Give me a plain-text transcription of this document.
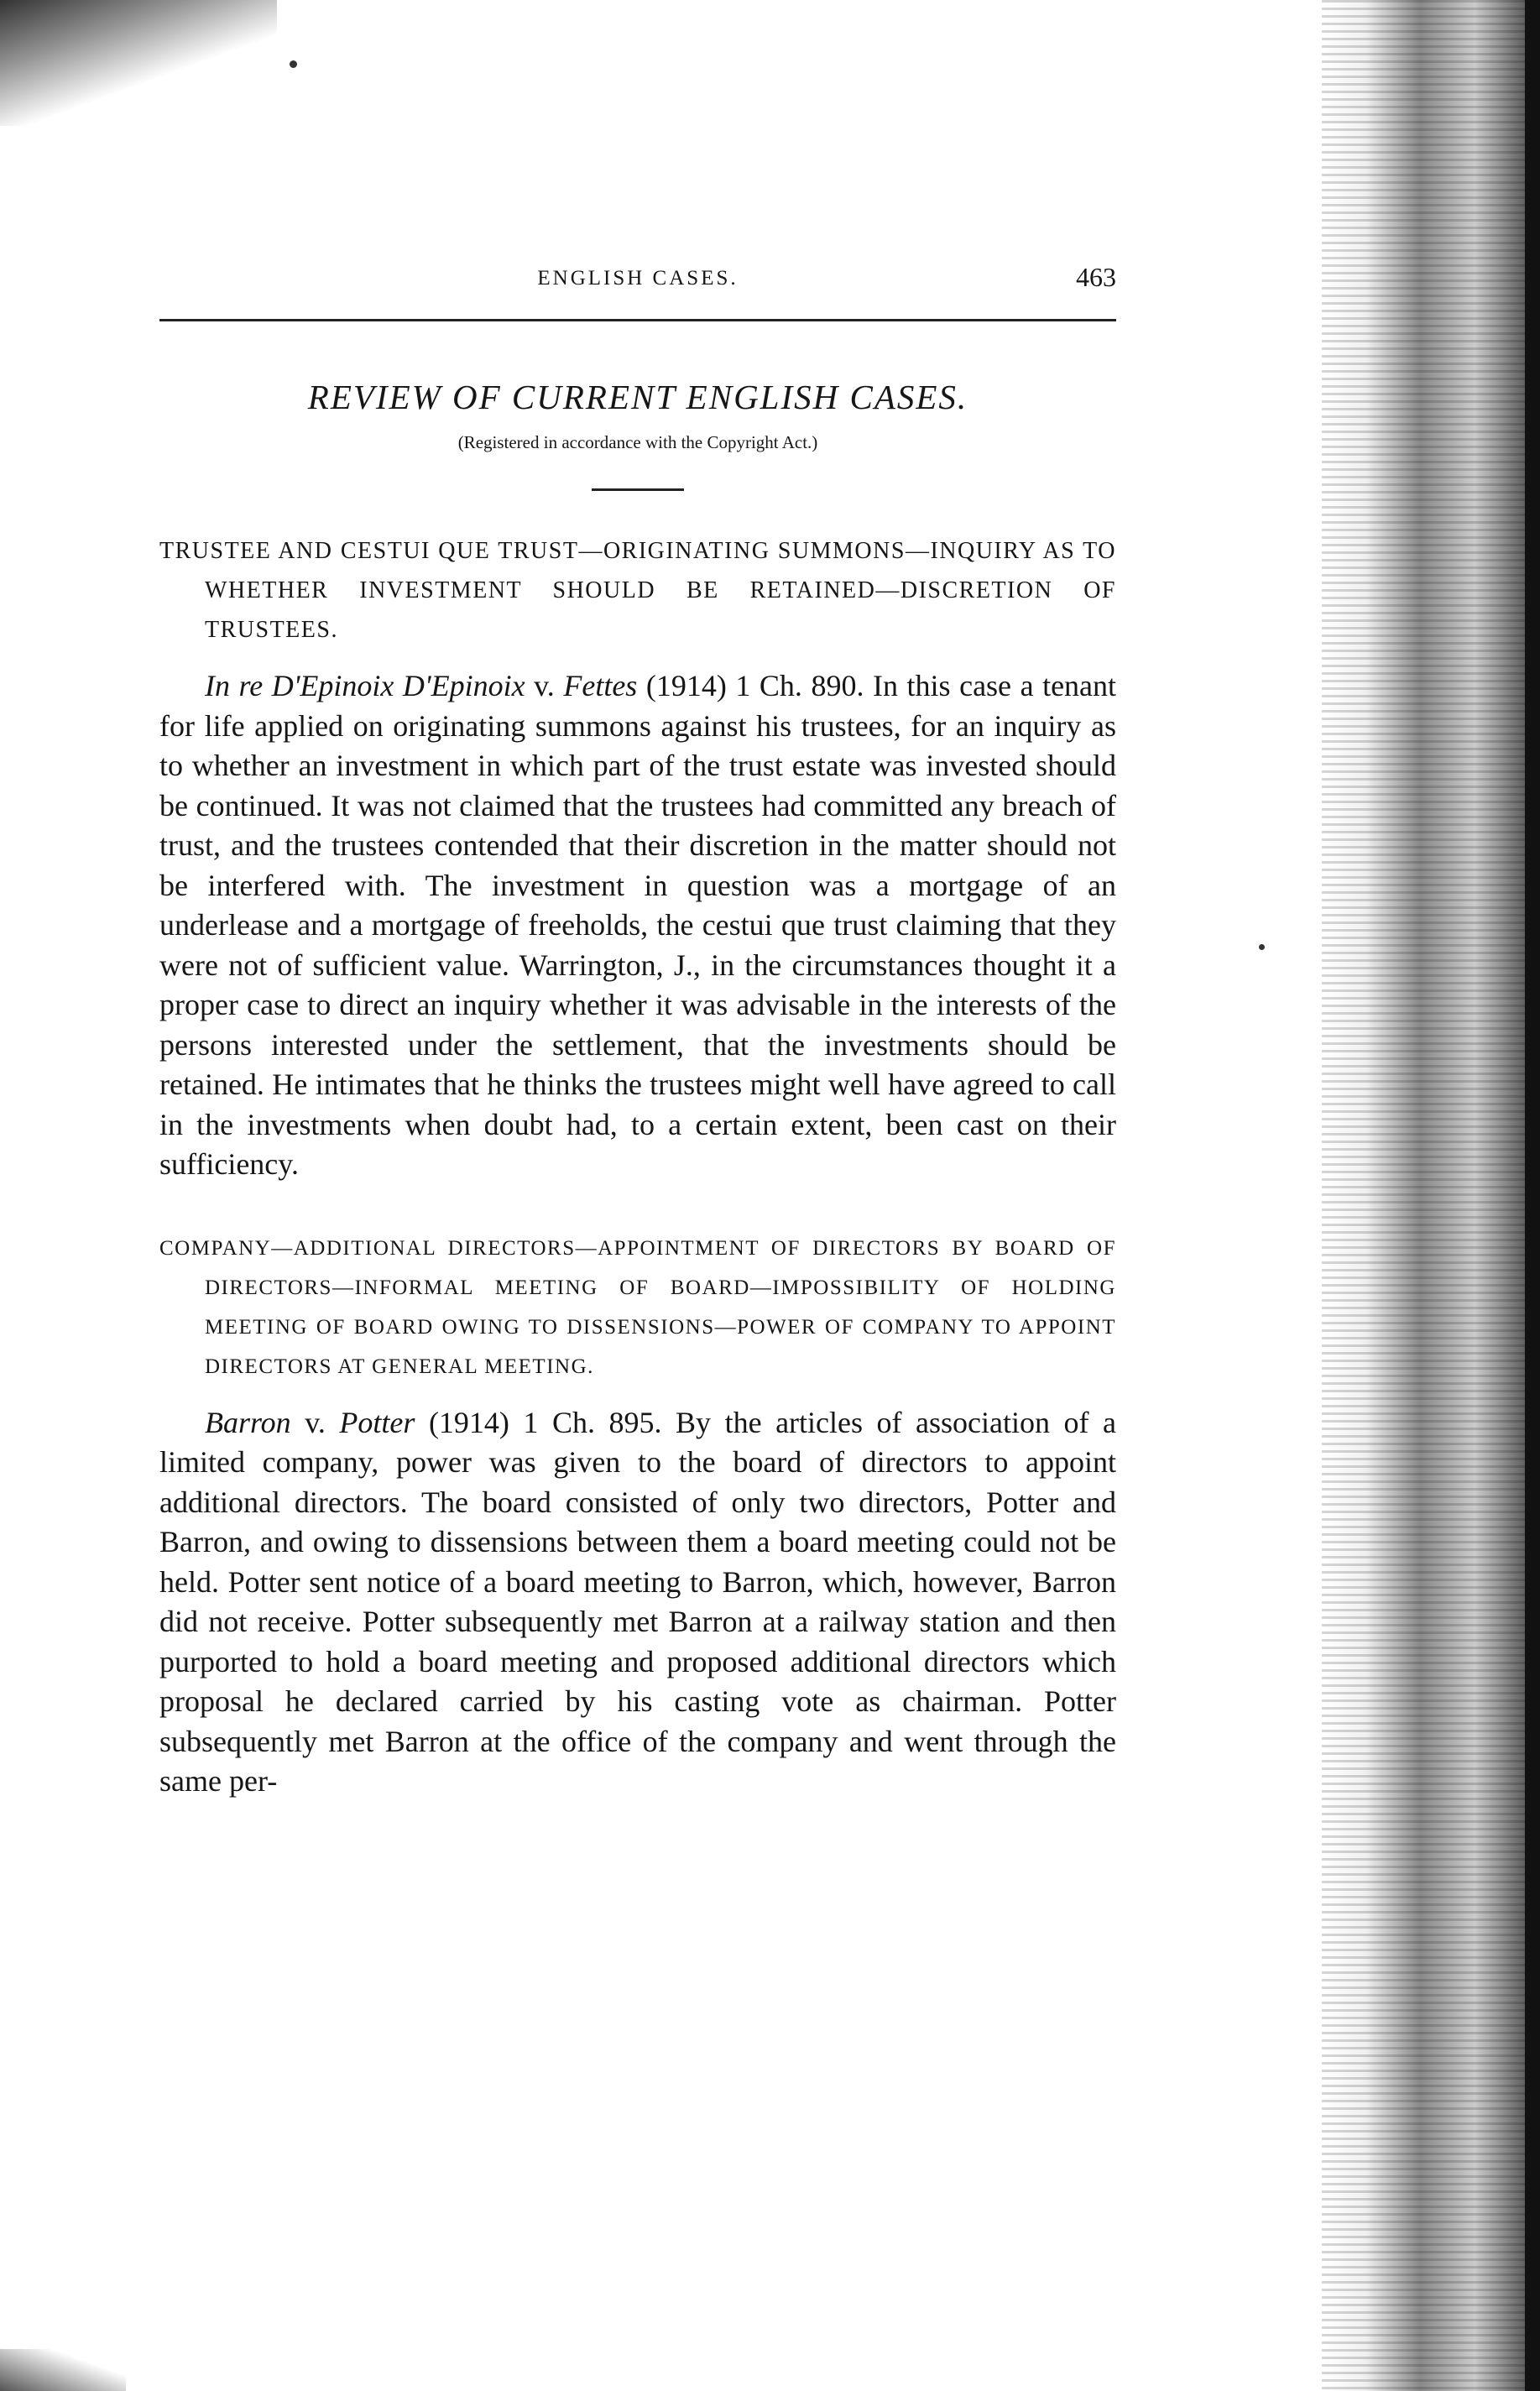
ENGLISH CASES.	463
REVIEW OF CURRENT ENGLISH CASES.
(Registered in accordance with the Copyright Act.)
TRUSTEE AND CESTUI QUE TRUST—ORIGINATING SUMMONS—INQUIRY AS TO WHETHER INVESTMENT SHOULD BE RETAINED—DISCRETION OF TRUSTEES.

In re D'Epinoix D'Epinoix v. Fettes (1914) 1 Ch. 890. In this case a tenant for life applied on originating summons against his trustees, for an inquiry as to whether an investment in which part of the trust estate was invested should be continued. It was not claimed that the trustees had committed any breach of trust, and the trustees contended that their discretion in the matter should not be interfered with. The investment in question was a mortgage of an underlease and a mortgage of freeholds, the cestui que trust claiming that they were not of sufficient value. Warrington, J., in the circumstances thought it a proper case to direct an inquiry whether it was advisable in the interests of the persons interested under the settlement, that the investments should be retained. He intimates that he thinks the trustees might well have agreed to call in the investments when doubt had, to a certain extent, been cast on their sufficiency.

COMPANY—ADDITIONAL DIRECTORS—APPOINTMENT OF DIRECTORS BY BOARD OF DIRECTORS—INFORMAL MEETING OF BOARD—IMPOSSIBILITY OF HOLDING MEETING OF BOARD OWING TO DISSENSIONS—POWER OF COMPANY TO APPOINT DIRECTORS AT GENERAL MEETING.

Barron v. Potter (1914) 1 Ch. 895. By the articles of association of a limited company, power was given to the board of directors to appoint additional directors. The board consisted of only two directors, Potter and Barron, and owing to dissensions between them a board meeting could not be held. Potter sent notice of a board meeting to Barron, which, however, Barron did not receive. Potter subsequently met Barron at a railway station and then purported to hold a board meeting and proposed additional directors which proposal he declared carried by his casting vote as chairman. Potter subsequently met Barron at the office of the company and went through the same per-
